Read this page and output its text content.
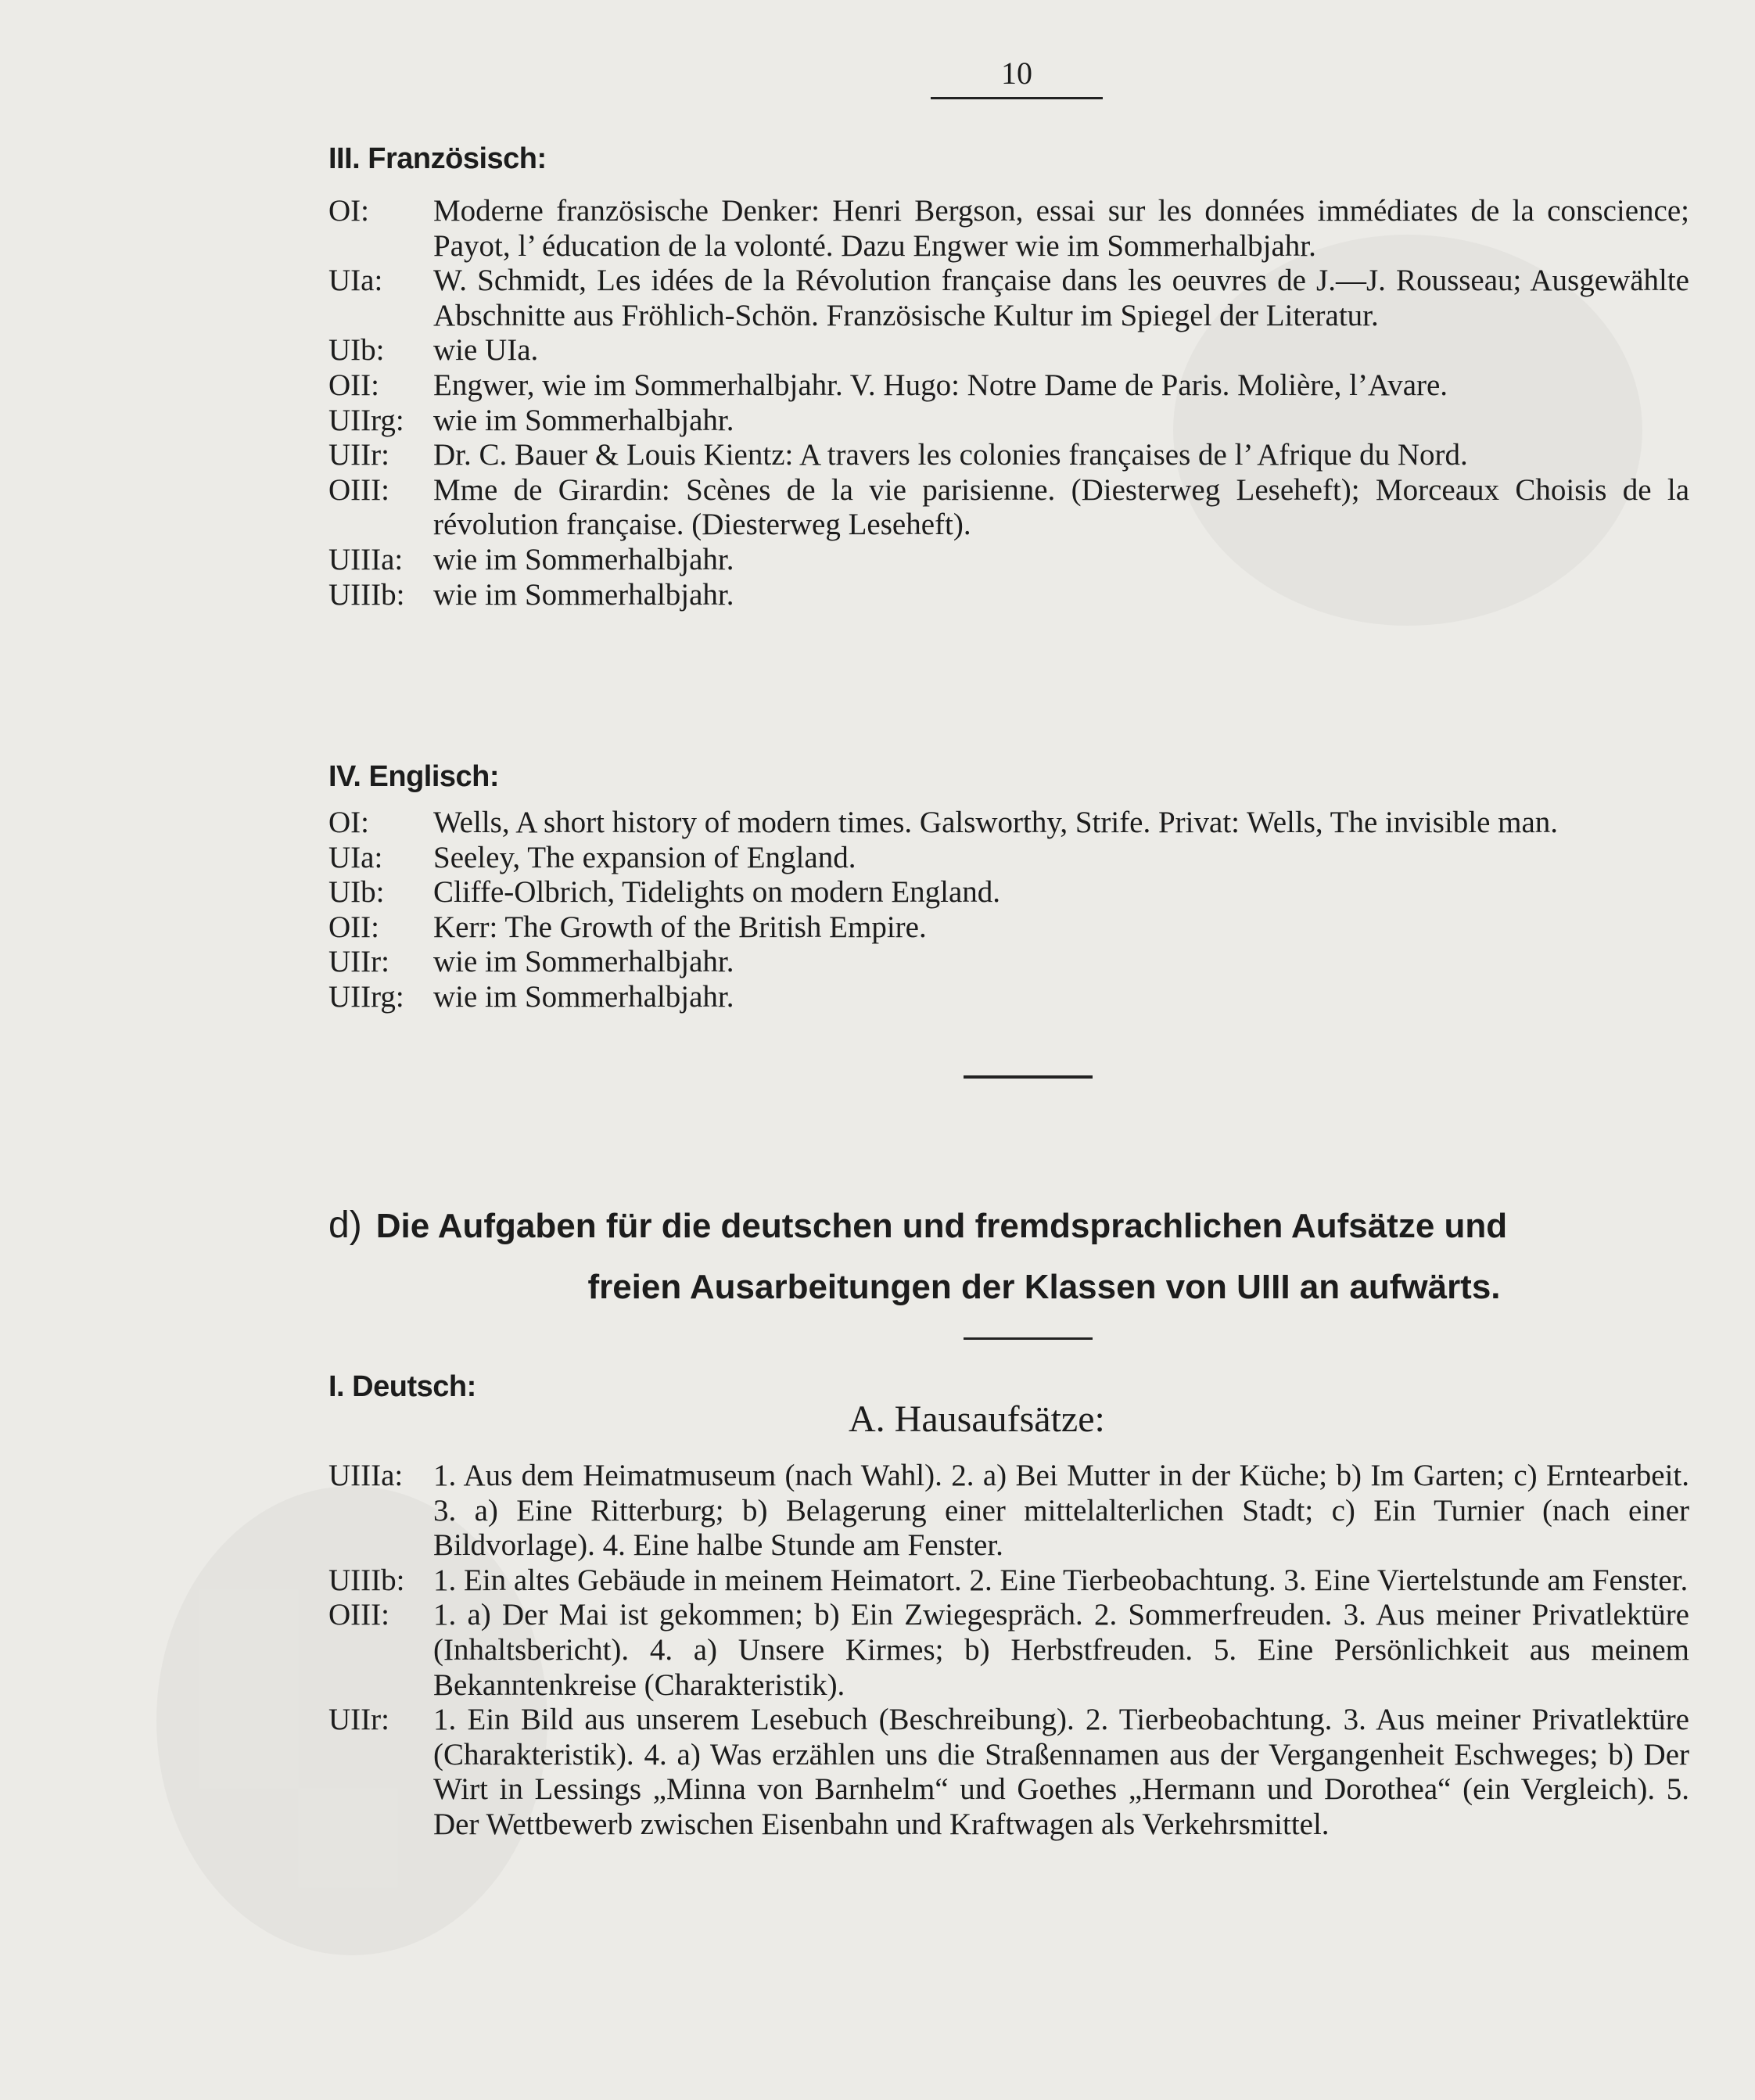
10
III. Französisch:
OI:	Moderne französische Denker: Henri Bergson, essai sur les données immédiates de la conscience; Payot, l’ éducation de la volonté. Dazu Engwer wie im Sommerhalbjahr.
UIa:	W. Schmidt, Les idées de la Révolution française dans les oeuvres de J.—J. Rousseau; Ausgewählte Abschnitte aus Fröhlich-Schön. Französische Kultur im Spiegel der Literatur.
UIb:	wie UIa.
OII:	Engwer, wie im Sommerhalbjahr. V. Hugo: Notre Dame de Paris. Molière, l’Avare.
UIIrg: wie im Sommerhalbjahr.
UIIr:	Dr. C. Bauer & Louis Kientz: A travers les colonies françaises de l’ Afrique du Nord.
OIII:	Mme de Girardin: Scènes de la vie parisienne. (Diesterweg Leseheft); Morceaux Choisis de la révolution française. (Diesterweg Leseheft).
UIIIa: wie im Sommerhalbjahr.
UIIIb: wie im Sommerhalbjahr.
IV. Englisch:
OI:	Wells, A short history of modern times. Galsworthy, Strife. Privat: Wells, The invisible man.
UIa:	Seeley, The expansion of England.
UIb:	Cliffe-Olbrich, Tidelights on modern England.
OII:	Kerr: The Growth of the British Empire.
UIIr:	wie im Sommerhalbjahr.
UIIrg: wie im Sommerhalbjahr.
d) Die Aufgaben für die deutschen und fremdsprachlichen Aufsätze und
freien Ausarbeitungen der Klassen von UIII an aufwärts.
I. Deutsch:
A. Hausaufsätze:
UIIIa: 1. Aus dem Heimatmuseum (nach Wahl). 2. a) Bei Mutter in der Küche; b) Im Garten; c) Erntearbeit. 3. a) Eine Ritterburg; b) Belagerung einer mittelalterlichen Stadt; c) Ein Turnier (nach einer Bildvorlage). 4. Eine halbe Stunde am Fenster.
UIIIb: 1. Ein altes Gebäude in meinem Heimatort. 2. Eine Tierbeobachtung. 3. Eine Viertelstunde am Fenster.
OIII:	1. a) Der Mai ist gekommen; b) Ein Zwiegespräch. 2. Sommerfreuden. 3. Aus meiner Privatlektüre (Inhaltsbericht). 4. a) Unsere Kirmes; b) Herbstfreuden. 5. Eine Persönlichkeit aus meinem Bekanntenkreise (Charakteristik).
UIIr:	1. Ein Bild aus unserem Lesebuch (Beschreibung). 2. Tierbeobachtung. 3. Aus meiner Privatlektüre (Charakteristik). 4. a) Was erzählen uns die Straßennamen aus der Vergangenheit Eschweges; b) Der Wirt in Lessings „Minna von Barnhelm“ und Goethes „Hermann und Dorothea“ (ein Vergleich). 5. Der Wettbewerb zwischen Eisenbahn und Kraftwagen als Verkehrsmittel.
